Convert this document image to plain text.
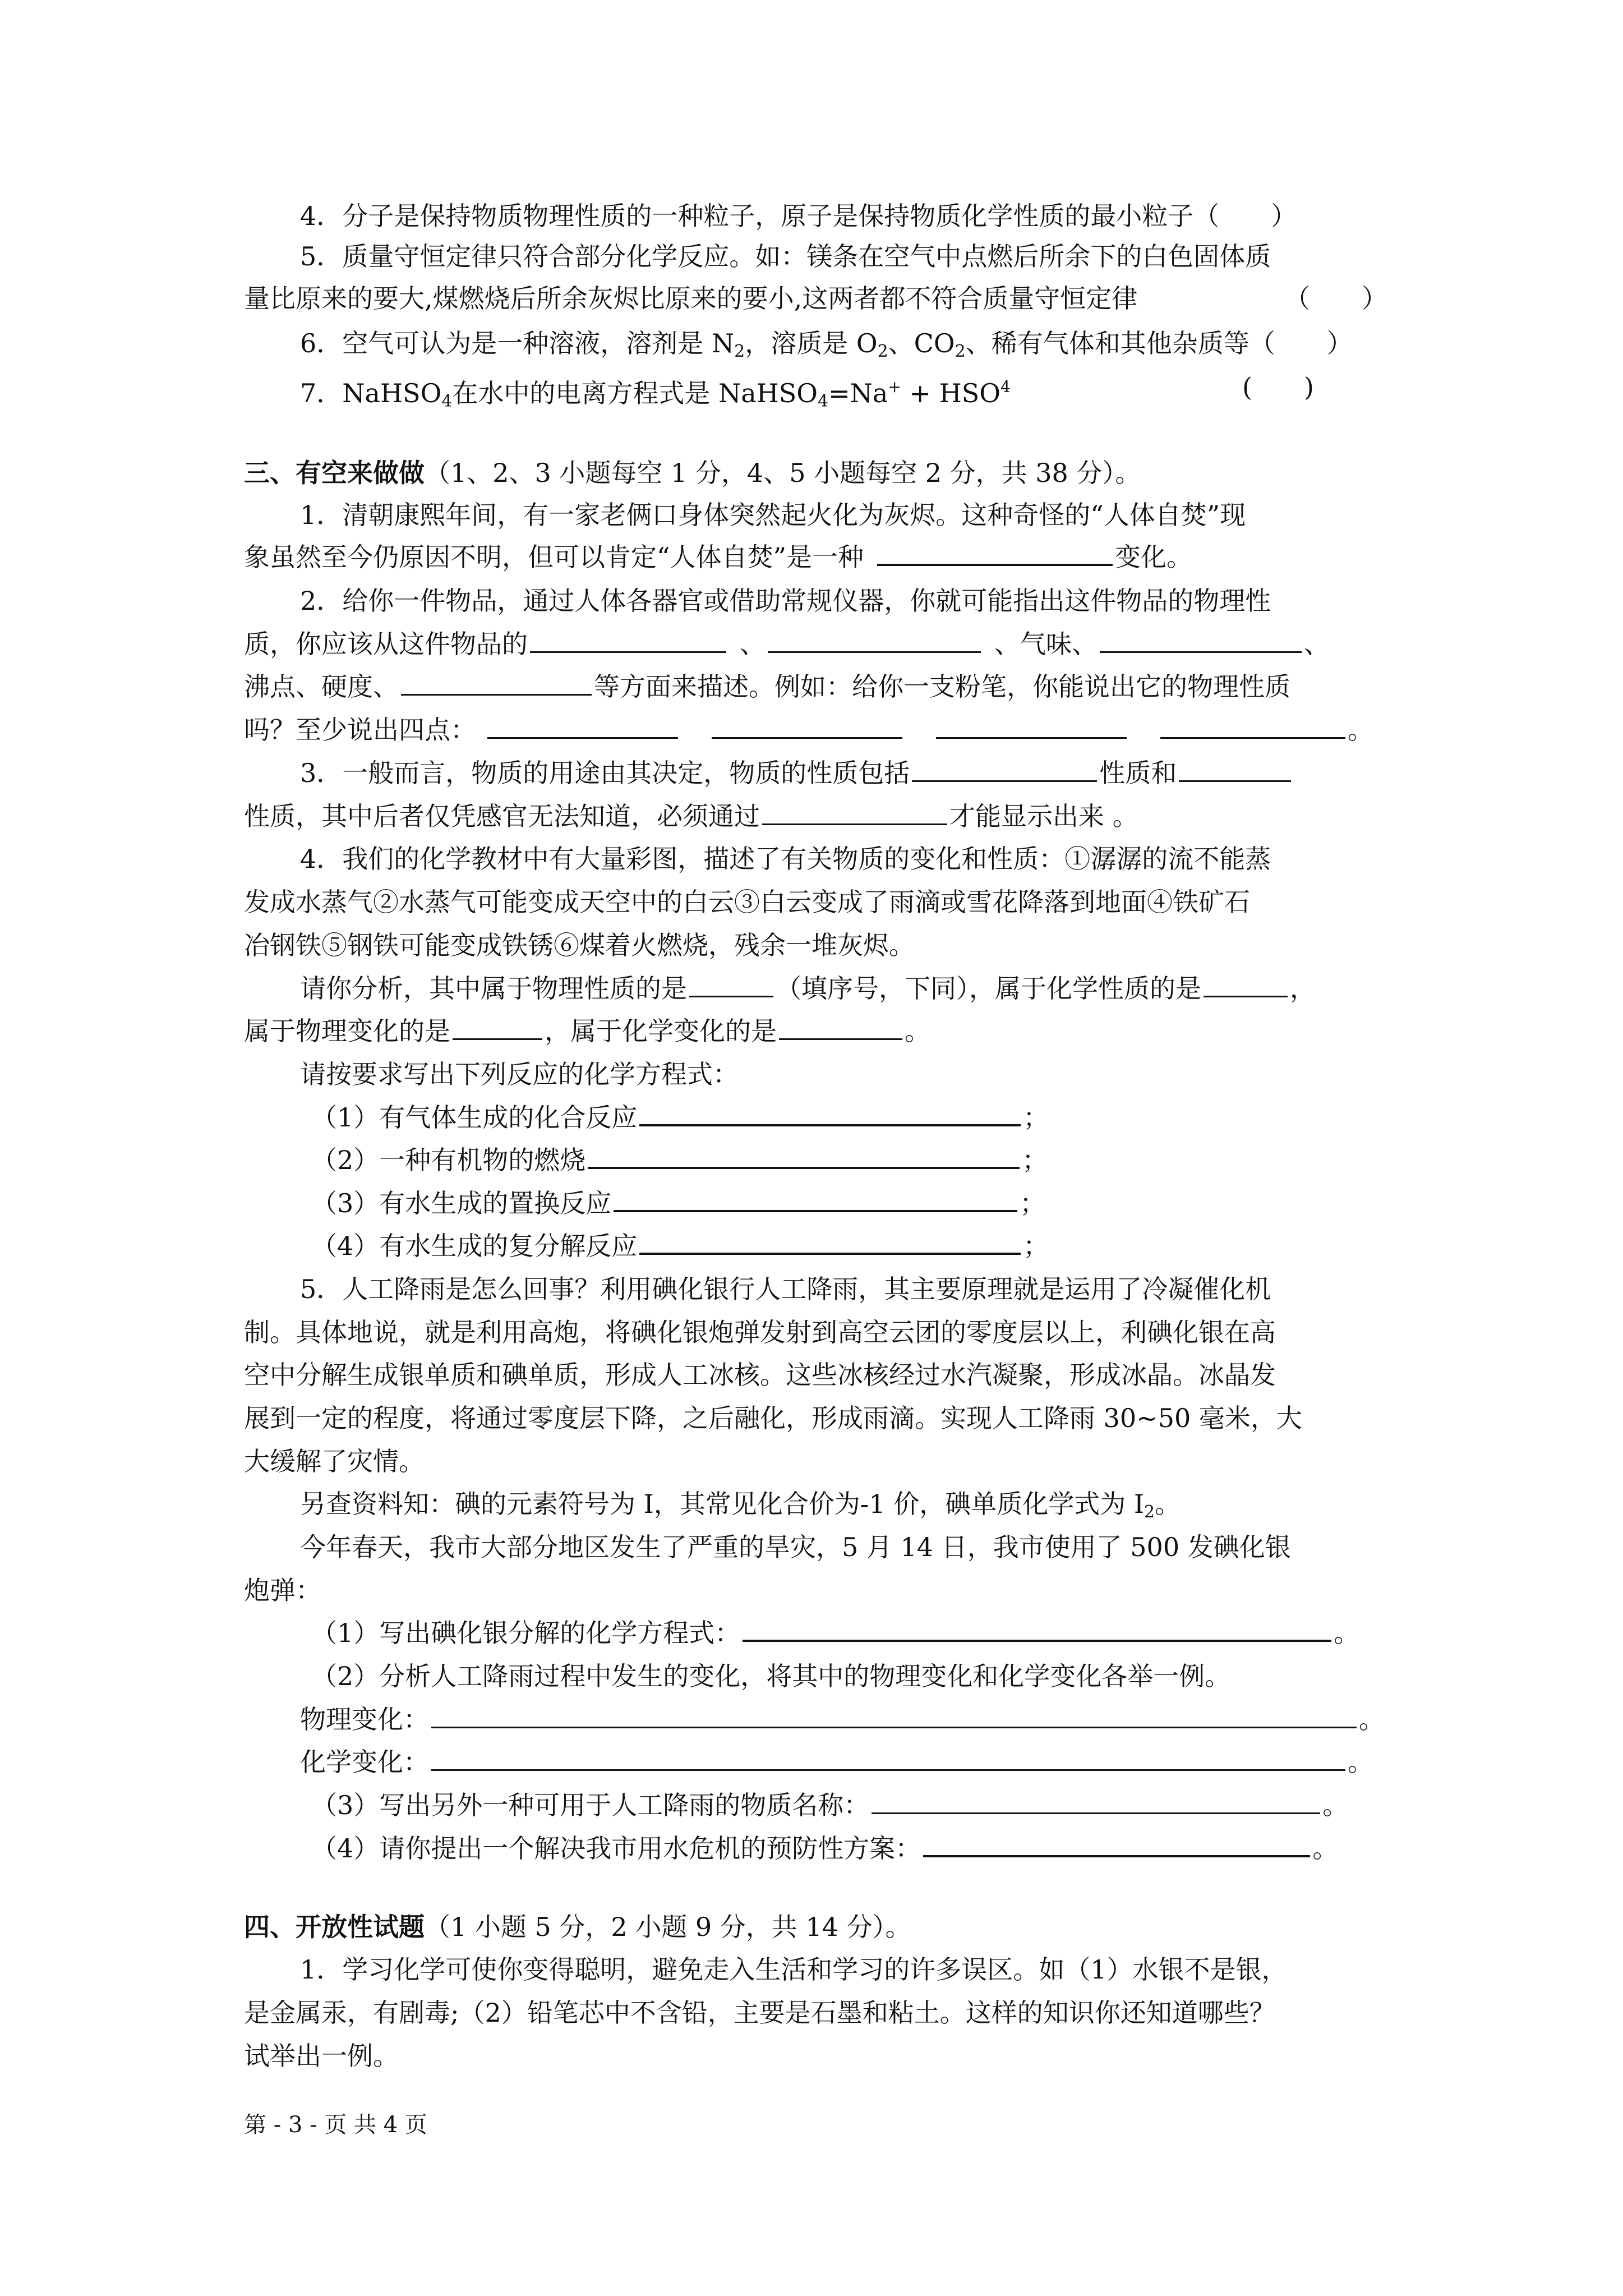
4．分子是保持物质物理性质的一种粒子，原子是保持物质化学性质的最小粒子（　　）
5．质量守恒定律只符合部分化学反应。如：镁条在空气中点燃后所余下的白色固体质
量比原来的要大,煤燃烧后所余灰烬比原来的要小,这两者都不符合质量守恒定律	（　　）
6．空气可认为是一种溶液，溶剂是 $N_2$，溶质是 $O_2$、$CO_2$、稀有气体和其他杂质等（　　）
7．NaHSO$_4$在水中的电离方程式是 NaHSO$_4$=Na+ + $HSO^4$	(　　)
三、有空来做做（1、2、3 小题每空 1 分，4、5 小题每空 2 分，共 38 分）。
1．清朝康熙年间，有一家老俩口身体突然起火化为灰烬。这种奇怪的“人体自焚”现
象虽然至今仍原因不明，但可以肯定“人体自焚”是一种	变化。
2．给你一件物品，通过人体各器官或借助常规仪器，你就可能指出这件物品的物理性
质，你应该从这件物品的	、	、气味、	、
沸点、硬度、	等方面来描述。例如：给你一支粉笔，你能说出它的物理性质
吗？至少说出四点：	。
3．一般而言，物质的用途由其决定，物质的性质包括	性质和
性质，其中后者仅凭感官无法知道，必须通过	才能显示出来 。
4．我们的化学教材中有大量彩图，描述了有关物质的变化和性质：①潺潺的流不能蒸
发成水蒸气②水蒸气可能变成天空中的白云③白云变成了雨滴或雪花降落到地面④铁矿石
冶钢铁⑤钢铁可能变成铁锈⑥煤着火燃烧，残余一堆灰烬。
请你分析，其中属于物理性质的是	（填序号，下同），属于化学性质的是	，
属于物理变化的是	，属于化学变化的是	。
请按要求写出下列反应的化学方程式：
（1）有气体生成的化合反应	；
（2）一种有机物的燃烧	；
（3）有水生成的置换反应	；
（4）有水生成的复分解反应	；
5．人工降雨是怎么回事？利用碘化银行人工降雨，其主要原理就是运用了冷凝催化机
制。具体地说，就是利用高炮，将碘化银炮弹发射到高空云团的零度层以上，利碘化银在高
空中分解生成银单质和碘单质，形成人工冰核。这些冰核经过水汽凝聚，形成冰晶。冰晶发
展到一定的程度，将通过零度层下降，之后融化，形成雨滴。实现人工降雨 30~50 毫米，大
大缓解了灾情。
另查资料知：碘的元素符号为 I，其常见化合价为-1 价，碘单质化学式为 $I_2$。
今年春天，我市大部分地区发生了严重的旱灾，5 月 14 日，我市使用了 500 发碘化银
炮弹：
（1）写出碘化银分解的化学方程式：	。
（2）分析人工降雨过程中发生的变化，将其中的物理变化和化学变化各举一例。
物理变化：	。
化学变化：	。
（3）写出另外一种可用于人工降雨的物质名称：	。
（4）请你提出一个解决我市用水危机的预防性方案：	。
四、开放性试题（1 小题 5 分，2 小题 9 分，共 14 分）。
1．学习化学可使你变得聪明，避免走入生活和学习的许多误区。如（1）水银不是银，
是金属汞，有剧毒;（2）铅笔芯中不含铅，主要是石墨和粘土。这样的知识你还知道哪些？
试举出一例。
第 - 3 - 页 共 4 页
